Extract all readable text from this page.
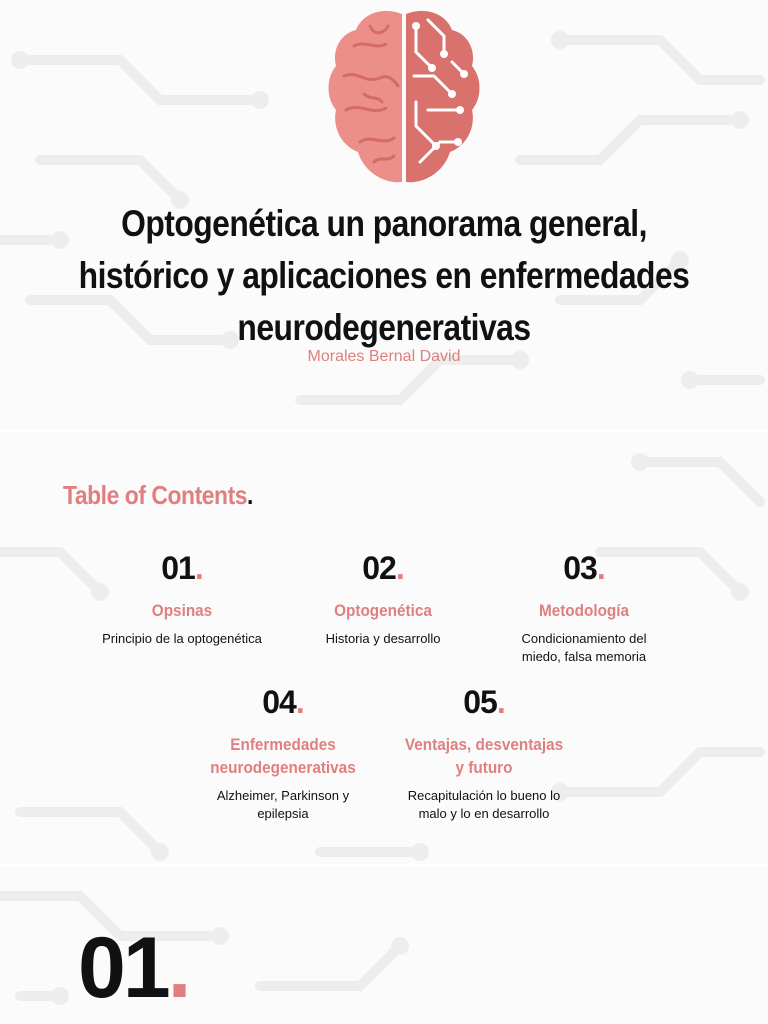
Optogenética un panorama general,
histórico y aplicaciones en enfermedades
neurodegenerativas
Morales Bernal David
Table of Contents.
01.
Opsinas
Principio de la optogenética
02.
Optogenética
Historia y desarrollo
03.
Metodología
Condicionamiento del
miedo, falsa memoria
04.
Enfermedades
neurodegenerativas
Alzheimer, Parkinson y
epilepsia
05.
Ventajas, desventajas
y futuro
Recapitulación lo bueno lo
malo y lo en desarrollo
01.
